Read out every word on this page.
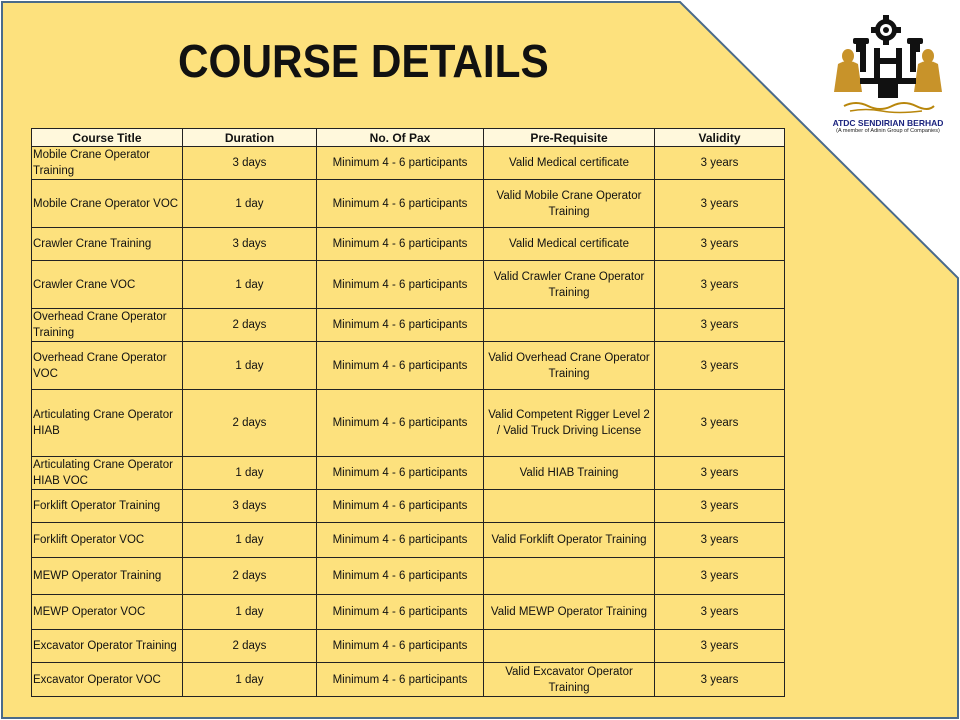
COURSE DETAILS
ATDC SENDIRIAN BERHAD
(A member of Adinin Group of Companies)
Course Title	Duration	No. Of Pax	Pre-Requisite	Validity
Mobile Crane Operator Training	3 days	Minimum 4 - 6 participants	Valid Medical certificate	3 years
Mobile Crane Operator VOC	1 day	Minimum 4 - 6 participants	Valid Mobile Crane Operator Training	3 years
Crawler Crane Training	3 days	Minimum 4 - 6 participants	Valid Medical certificate	3 years
Crawler Crane VOC	1 day	Minimum 4 - 6 participants	Valid Crawler Crane Operator Training	3 years
Overhead Crane Operator Training	2 days	Minimum 4 - 6 participants		3 years
Overhead Crane Operator VOC	1 day	Minimum 4 - 6 participants	Valid Overhead Crane Operator Training	3 years
Articulating Crane Operator HIAB	2 days	Minimum 4 - 6 participants	Valid Competent Rigger Level 2 / Valid Truck Driving License	3 years
Articulating Crane Operator HIAB VOC	1 day	Minimum 4 - 6 participants	Valid HIAB Training	3 years
Forklift Operator Training	3 days	Minimum 4 - 6 participants		3 years
Forklift Operator VOC	1 day	Minimum 4 - 6 participants	Valid Forklift Operator Training	3 years
MEWP Operator Training	2 days	Minimum 4 - 6 participants		3 years
MEWP Operator VOC	1 day	Minimum 4 - 6 participants	Valid MEWP Operator Training	3 years
Excavator Operator Training	2 days	Minimum 4 - 6 participants		3 years
Excavator Operator VOC	1 day	Minimum 4 - 6 participants	Valid Excavator Operator Training	3 years
